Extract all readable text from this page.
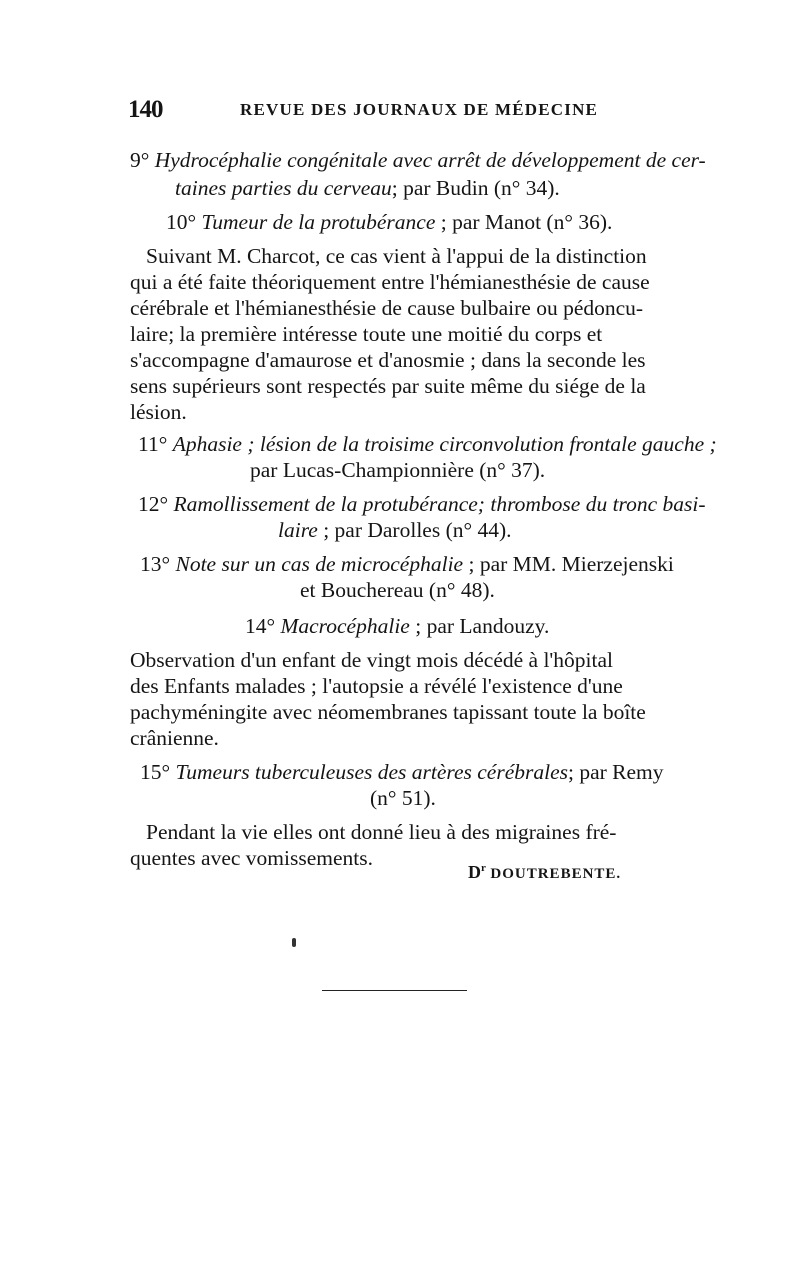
140	REVUE DES JOURNAUX DE MÉDECINE
9° Hydrocéphalie congénitale avec arrêt de développement de cer-
taines parties du cerveau; par Budin (n° 34).
10° Tumeur de la protubérance ; par Manot (n° 36).
Suivant M. Charcot, ce cas vient à l'appui de la distinction
qui a été faite théoriquement entre l'hémianesthésie de cause
cérébrale et l'hémianesthésie de cause bulbaire ou pédoncu-
laire; la première intéresse toute une moitié du corps et
s'accompagne d'amaurose et d'anosmie ; dans la seconde les
sens supérieurs sont respectés par suite même du siége de la
lésion.
11° Aphasie ; lésion de la troisime circonvolution frontale gauche ;
par Lucas-Championnière (n° 37).
12° Ramollissement de la protubérance; thrombose du tronc basi-
laire ; par Darolles (n° 44).
13° Note sur un cas de microcéphalie ; par MM. Mierzejenski
et Bouchereau (n° 48).
14° Macrocéphalie ; par Landouzy.
Observation d'un enfant de vingt mois décédé à l'hôpital
des Enfants malades ; l'autopsie a révélé l'existence d'une
pachyméningite avec néomembranes tapissant toute la boîte
crânienne.
15° Tumeurs tuberculeuses des artères cérébrales; par Remy
(n° 51).
Pendant la vie elles ont donné lieu à des migraines fré-
quentes avec vomissements.
$D^r$ DOUTREBENTE.
